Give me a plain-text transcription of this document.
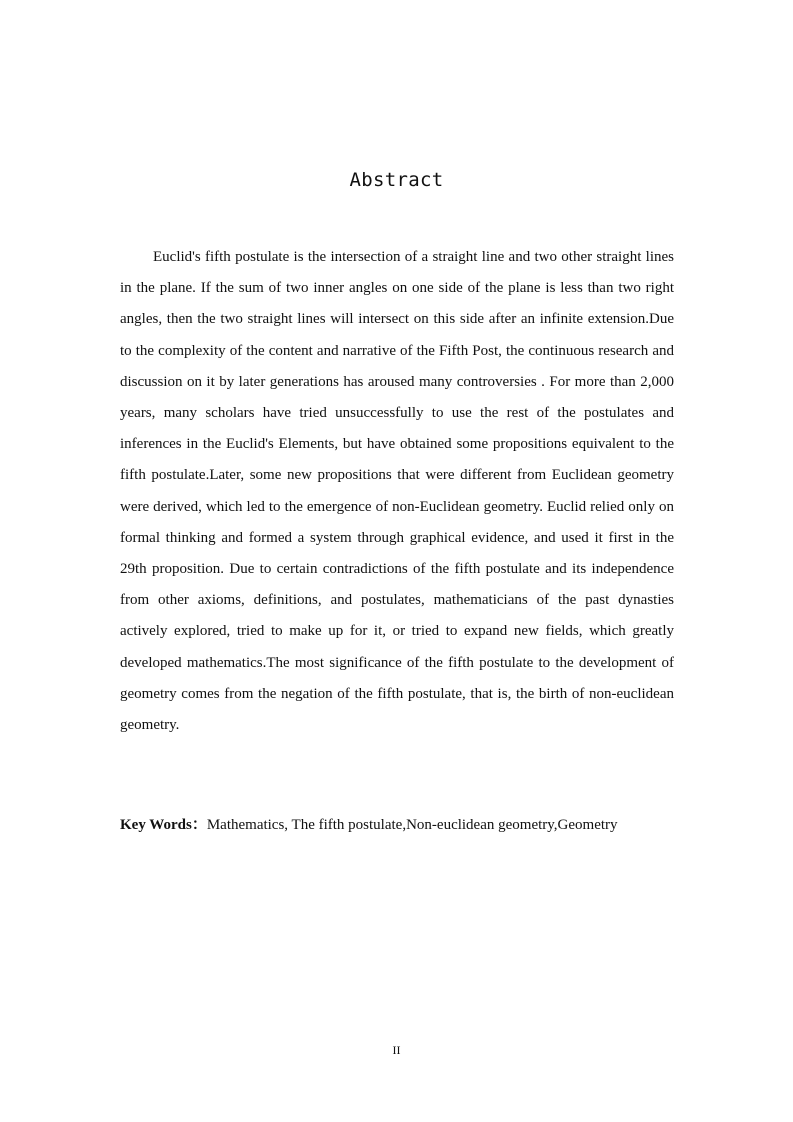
Abstract

Euclid's fifth postulate is the intersection of a straight line and two other straight lines in the plane. If the sum of two inner angles on one side of the plane is less than two right angles, then the two straight lines will intersect on this side after an infinite extension.Due to the complexity of the content and narrative of the Fifth Post, the continuous research and discussion on it by later generations has aroused many controversies . For more than 2,000 years, many scholars have tried unsuccessfully to use the rest of the postulates and inferences in the Euclid's Elements, but have obtained some propositions equivalent to the fifth postulate.Later, some new propositions that were different from Euclidean geometry were derived, which led to the emergence of non-Euclidean geometry. Euclid relied only on formal thinking and formed a system through graphical evidence, and used it first in the 29th proposition. Due to certain contradictions of the fifth postulate and its independence from other axioms, definitions, and postulates, mathematicians of the past dynasties actively explored, tried to make up for it, or tried to expand new fields, which greatly developed mathematics.The most significance of the fifth postulate to the development of geometry comes from the negation of the fifth postulate, that is, the birth of non-euclidean geometry.

Key Words：Mathematics, The fifth postulate,Non-euclidean geometry,Geometry
II
